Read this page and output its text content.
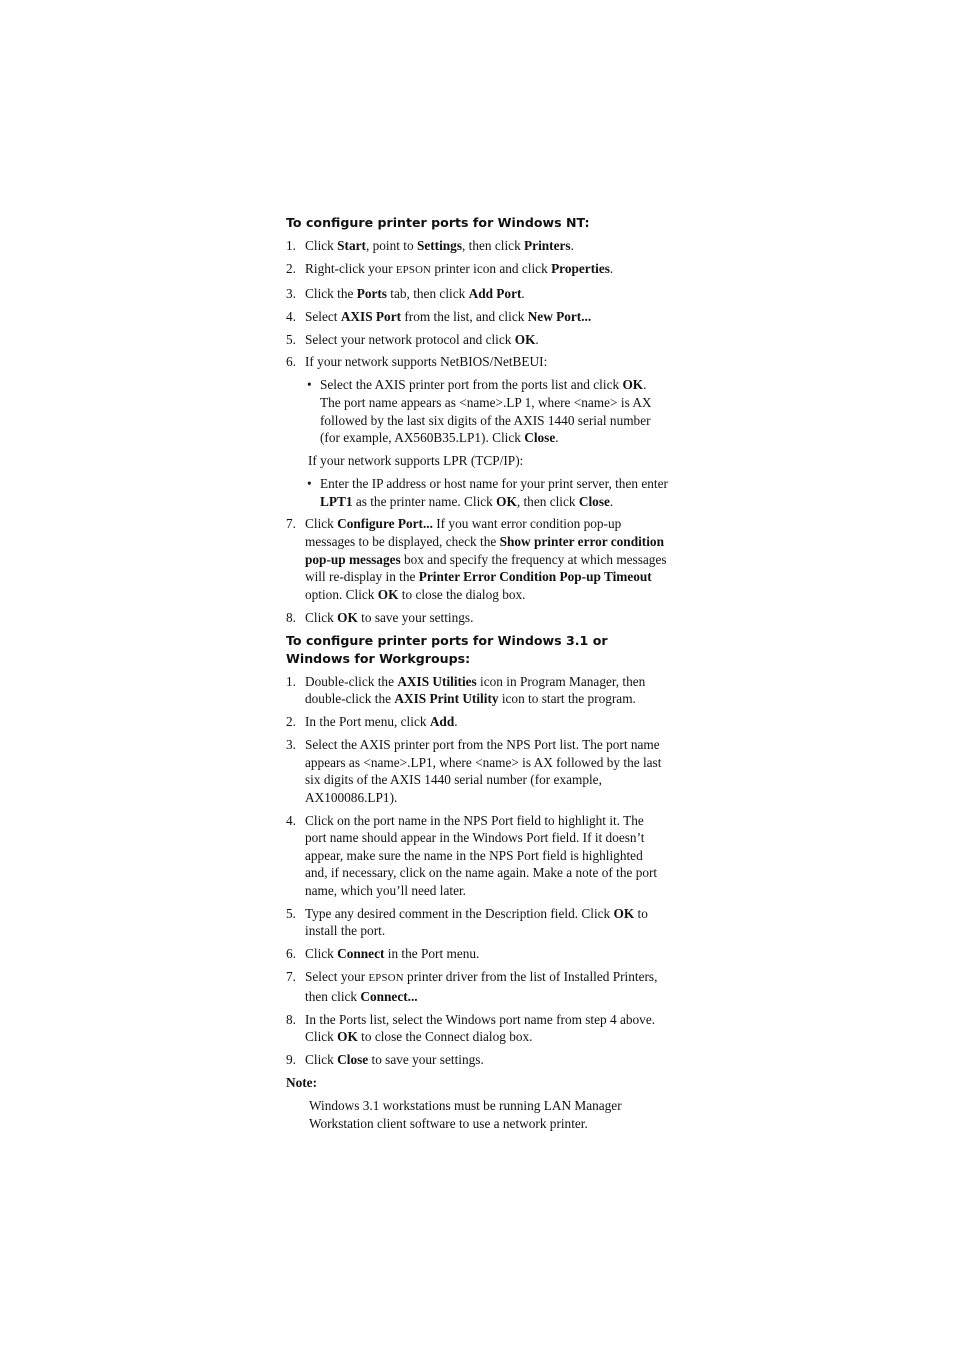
To configure printer ports for Windows NT:
1. Click Start, point to Settings, then click Printers.
2. Right-click your EPSON printer icon and click Properties.
3. Click the Ports tab, then click Add Port.
4. Select AXIS Port from the list, and click New Port...
5. Select your network protocol and click OK.
6. If your network supports NetBIOS/NetBEUI:
• Select the AXIS printer port from the ports list and click OK. The port name appears as <name>.LP 1, where <name> is AX followed by the last six digits of the AXIS 1440 serial number (for example, AX560B35.LP1). Click Close.
If your network supports LPR (TCP/IP):
• Enter the IP address or host name for your print server, then enter LPT1 as the printer name. Click OK, then click Close.
7. Click Configure Port... If you want error condition pop-up messages to be displayed, check the Show printer error condition pop-up messages box and specify the frequency at which messages will re-display in the Printer Error Condition Pop-up Timeout option. Click OK to close the dialog box.
8. Click OK to save your settings.
To configure printer ports for Windows 3.1 or
Windows for Workgroups:
1. Double-click the AXIS Utilities icon in Program Manager, then double-click the AXIS Print Utility icon to start the program.
2. In the Port menu, click Add.
3. Select the AXIS printer port from the NPS Port list. The port name appears as <name>.LP1, where <name> is AX followed by the last six digits of the AXIS 1440 serial number (for example, AX100086.LP1).
4. Click on the port name in the NPS Port field to highlight it. The port name should appear in the Windows Port field. If it doesn’t appear, make sure the name in the NPS Port field is highlighted and, if necessary, click on the name again. Make a note of the port name, which you’ll need later.
5. Type any desired comment in the Description field. Click OK to install the port.
6. Click Connect in the Port menu.
7. Select your EPSON printer driver from the list of Installed Printers, then click Connect...
8. In the Ports list, select the Windows port name from step 4 above. Click OK to close the Connect dialog box.
9. Click Close to save your settings.
Note:
Windows 3.1 workstations must be running LAN Manager Workstation client software to use a network printer.
